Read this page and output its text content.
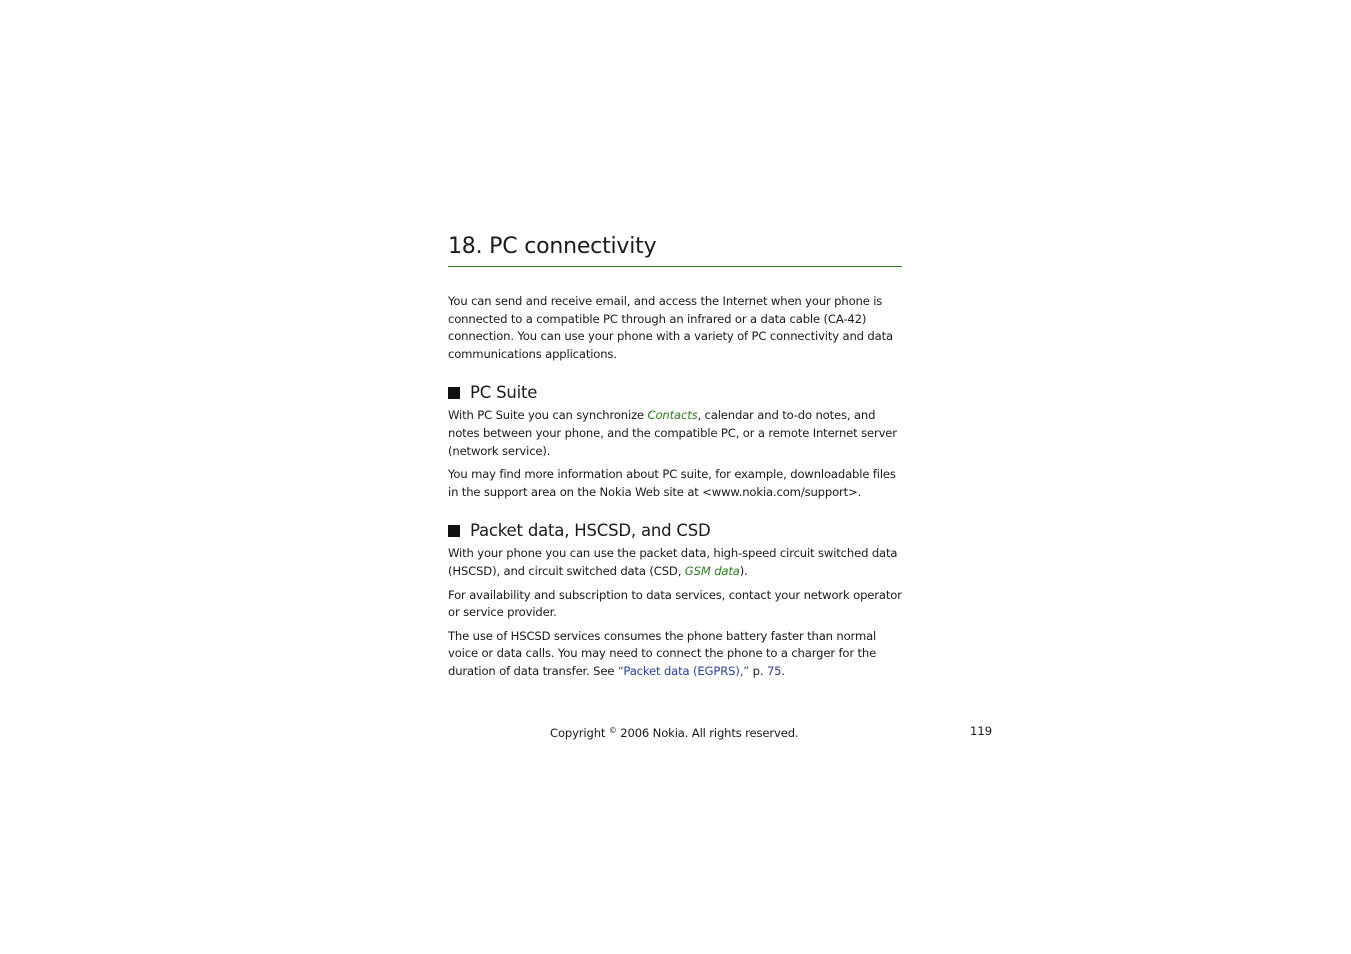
18. PC connectivity

You can send and receive email, and access the Internet when your phone is connected to a compatible PC through an infrared or a data cable (CA-42) connection. You can use your phone with a variety of PC connectivity and data communications applications.

PC Suite

With PC Suite you can synchronize Contacts, calendar and to-do notes, and notes between your phone, and the compatible PC, or a remote Internet server (network service).

You may find more information about PC suite, for example, downloadable files in the support area on the Nokia Web site at <www.nokia.com/support>.

Packet data, HSCSD, and CSD

With your phone you can use the packet data, high-speed circuit switched data (HSCSD), and circuit switched data (CSD, GSM data).

For availability and subscription to data services, contact your network operator or service provider.

The use of HSCSD services consumes the phone battery faster than normal voice or data calls. You may need to connect the phone to a charger for the duration of data transfer. See “Packet data (EGPRS),” p. 75.

Copyright © 2006 Nokia. All rights reserved.	119
